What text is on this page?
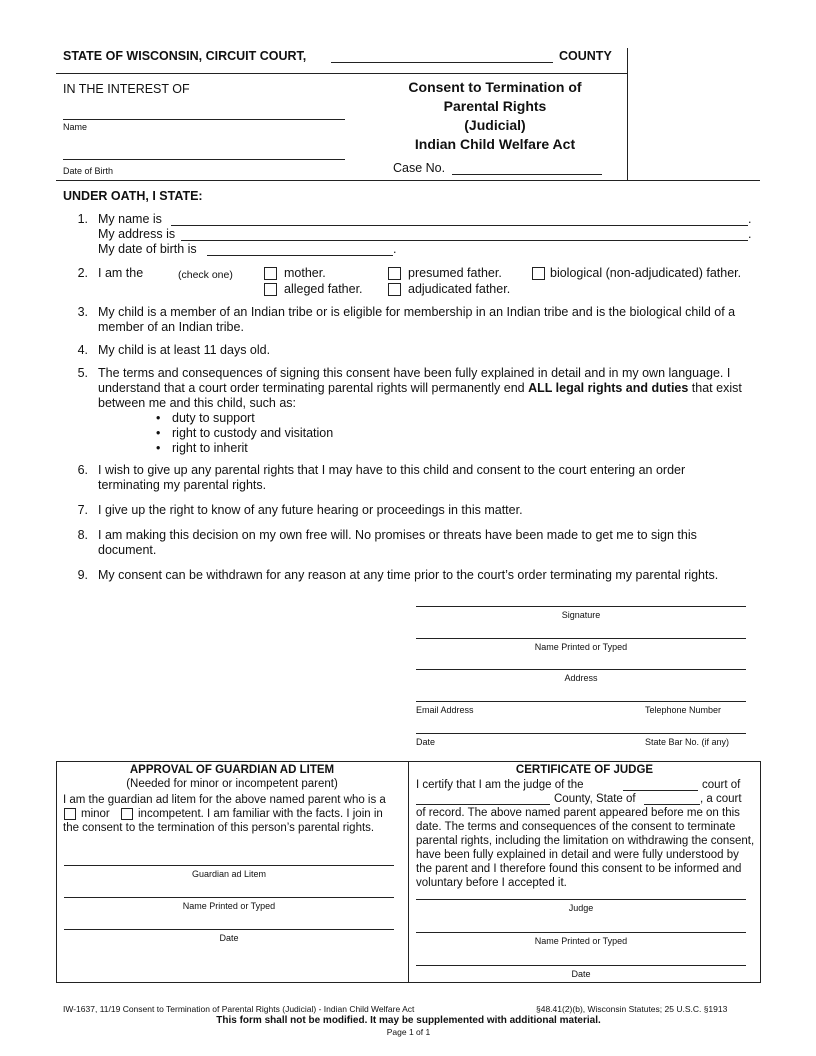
STATE OF WISCONSIN, CIRCUIT COURT,	COUNTY
IN THE INTEREST OF
Name
Date of Birth
Consent to Termination of
Parental Rights
(Judicial)
Indian Child Welfare Act
Case No.
UNDER OATH, I STATE:
1. My name is	.
My address is	.
My date of birth is	.
2. I am the	(check one)	mother.	presumed father.	biological (non-adjudicated) father.
alleged father.	adjudicated father.
3. My child is a member of an Indian tribe or is eligible for membership in an Indian tribe and is the biological child of a member of an Indian tribe.
4. My child is at least 11 days old.
5. The terms and consequences of signing this consent have been fully explained in detail and in my own language. I understand that a court order terminating parental rights will permanently end ALL legal rights and duties that exist between me and this child, such as:
• duty to support
• right to custody and visitation
• right to inherit
6. I wish to give up any parental rights that I may have to this child and consent to the court entering an order terminating my parental rights.
7. I give up the right to know of any future hearing or proceedings in this matter.
8. I am making this decision on my own free will. No promises or threats have been made to get me to sign this document.
9. My consent can be withdrawn for any reason at any time prior to the court’s order terminating my parental rights.
Signature
Name Printed or Typed
Address
Email Address	Telephone Number
Date	State Bar No. (if any)
APPROVAL OF GUARDIAN AD LITEM
(Needed for minor or incompetent parent)
I am the guardian ad litem for the above named parent who is a
minor incompetent. I am familiar with the facts. I join in
the consent to the termination of this person’s parental rights.
Guardian ad Litem
Name Printed or Typed
Date
CERTIFICATE OF JUDGE
I certify that I am the judge of the	court of
County, State of	, a court
of record. The above named parent appeared before me on this date. The terms and consequences of the consent to terminate parental rights, including the limitation on withdrawing the consent, have been fully explained in detail and were fully understood by the parent and I therefore found this consent to be informed and voluntary before I accepted it.
Judge
Name Printed or Typed
Date
IW-1637, 11/19 Consent to Termination of Parental Rights (Judicial) - Indian Child Welfare Act	§48.41(2)(b), Wisconsin Statutes; 25 U.S.C. §1913
This form shall not be modified. It may be supplemented with additional material.
Page 1 of 1
